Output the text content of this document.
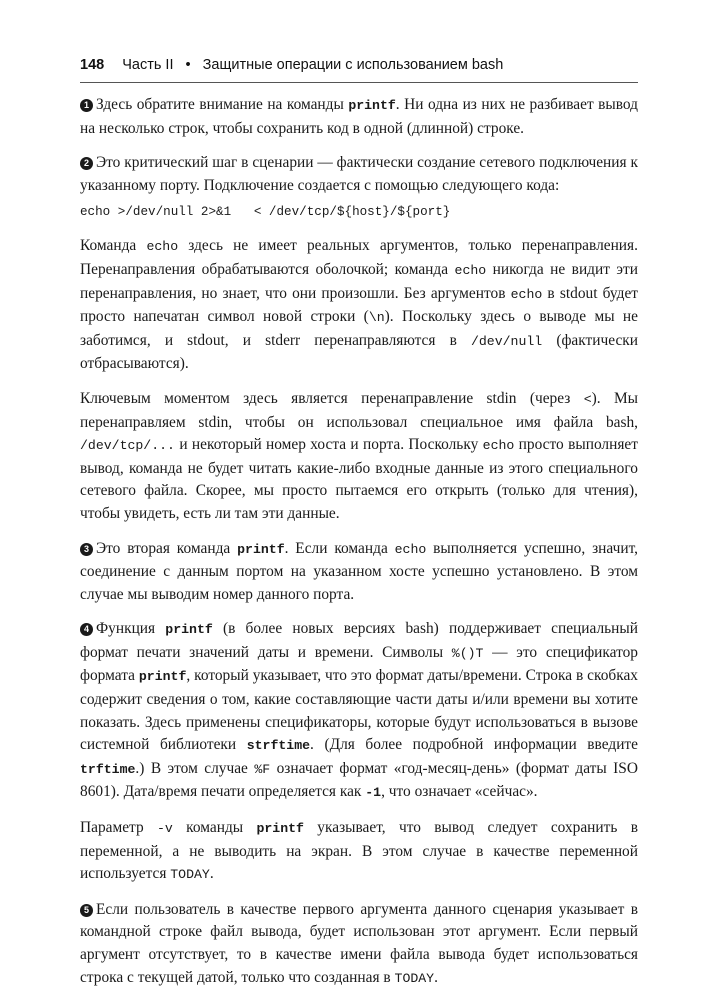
148 Часть II • Защитные операции с использованием bash

1 Здесь обратите внимание на команды printf. Ни одна из них не разбивает вывод на несколько строк, чтобы сохранить код в одной (длинной) строке.

2 Это критический шаг в сценарии — фактически создание сетевого подключения к указанному порту. Подключение создается с помощью следующего кода:

echo >/dev/null 2>&1   < /dev/tcp/${host}/${port}

Команда echo здесь не имеет реальных аргументов, только перенаправления. Перенаправления обрабатываются оболочкой; команда echo никогда не видит эти перенаправления, но знает, что они произошли. Без аргументов echo в stdout будет просто напечатан символ новой строки (\n). Поскольку здесь о выводе мы не заботимся, и stdout, и stderr перенаправляются в /dev/null (фактически отбрасываются).

Ключевым моментом здесь является перенаправление stdin (через <). Мы перенаправляем stdin, чтобы он использовал специальное имя файла bash, /dev/tcp/... и некоторый номер хоста и порта. Поскольку echo просто выполняет вывод, команда не будет читать какие-либо входные данные из этого специального сетевого файла. Скорее, мы просто пытаемся его открыть (только для чтения), чтобы увидеть, есть ли там эти данные.

3 Это вторая команда printf. Если команда echo выполняется успешно, значит, соединение с данным портом на указанном хосте успешно установлено. В этом случае мы выводим номер данного порта.

4 Функция printf (в более новых версиях bash) поддерживает специальный формат печати значений даты и времени. Символы %()T — это спецификатор формата printf, который указывает, что это формат даты/времени. Строка в скобках содержит сведения о том, какие составляющие части даты и/или времени вы хотите показать. Здесь применены спецификаторы, которые будут использоваться в вызове системной библиотеки strftime. (Для более подробной информации введите trftime.) В этом случае %F означает формат «год-месяц-день» (формат даты ISO 8601). Дата/время печати определяется как -1, что означает «сейчас».

Параметр -v команды printf указывает, что вывод следует сохранить в переменной, а не выводить на экран. В этом случае в качестве переменной используется TODAY.

5 Если пользователь в качестве первого аргумента данного сценария указывает в командной строке файл вывода, будет использован этот аргумент. Если первый аргумент отсутствует, то в качестве имени файла вывода будет использоваться строка с текущей датой, только что созданная в TODAY.
